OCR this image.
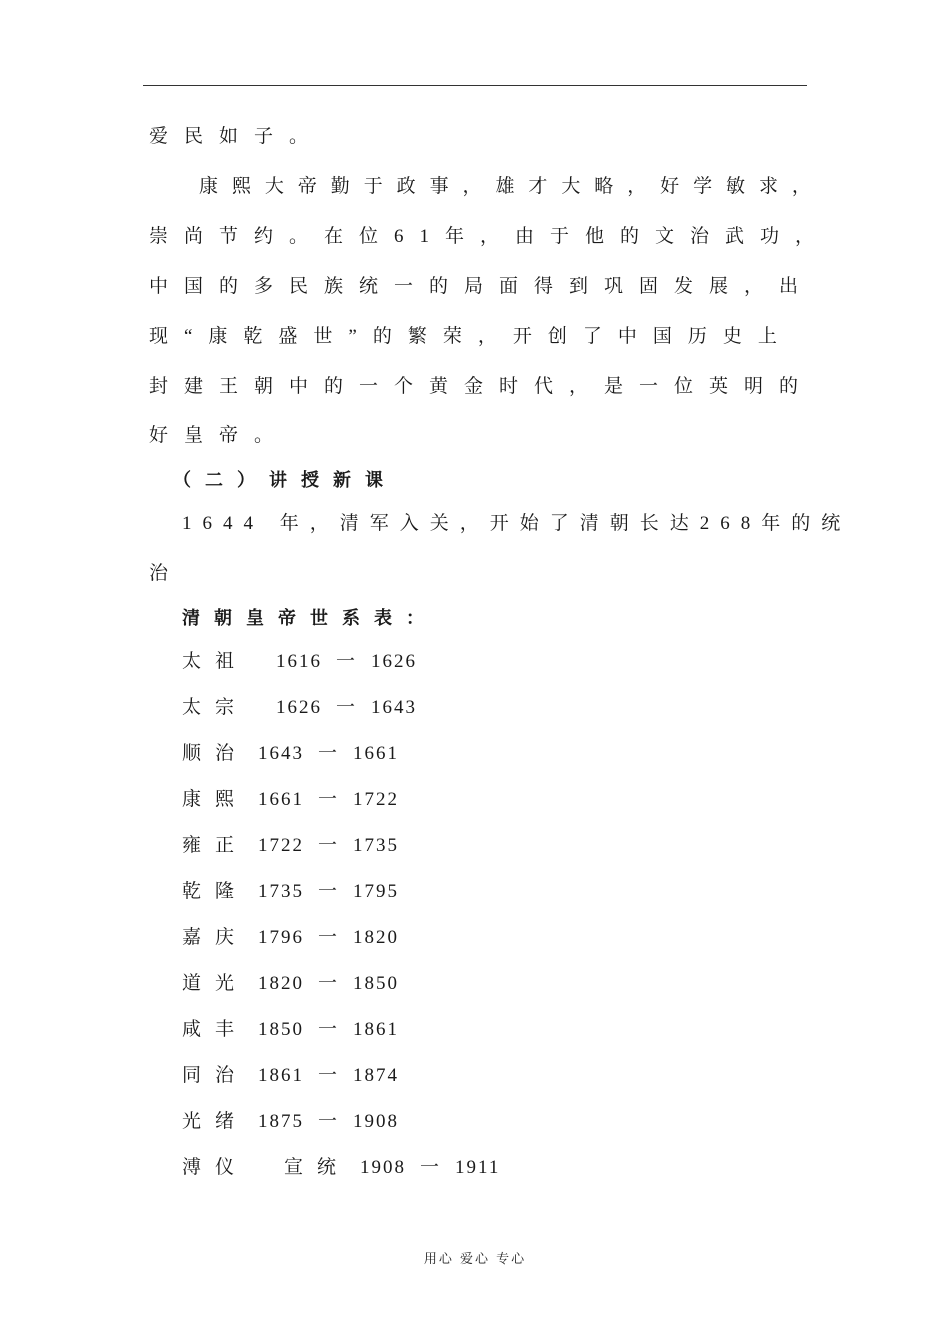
爱民如子。
康 熙 大 帝 勤 于 政 事 ， 雄 才 大 略 ， 好 学 敏 求 ，
崇尚节约。在位61年，由于他的文治武功，
中国的多民族统一的局面得到巩固发展，出
现“康乾盛世”的繁荣，开创了中国历史上
封建王朝中的一个黄金时代，是一位英明的
好皇帝。
（二）讲授新课
1644 年，清军入关，开始了清朝长达268年的统
治
清朝皇帝世系表：
太祖 1616 一 1626
太宗 1626 一 1643
顺治 1643 一 1661
康熙 1661 一 1722
雍正 1722 一 1735
乾隆 1735 一 1795
嘉庆 1796 一 1820
道光 1820 一 1850
咸丰 1850 一 1861
同治 1861 一 1874
光绪 1875 一 1908
溥仪 宣统 1908 一 1911
用心 爱心 专心
